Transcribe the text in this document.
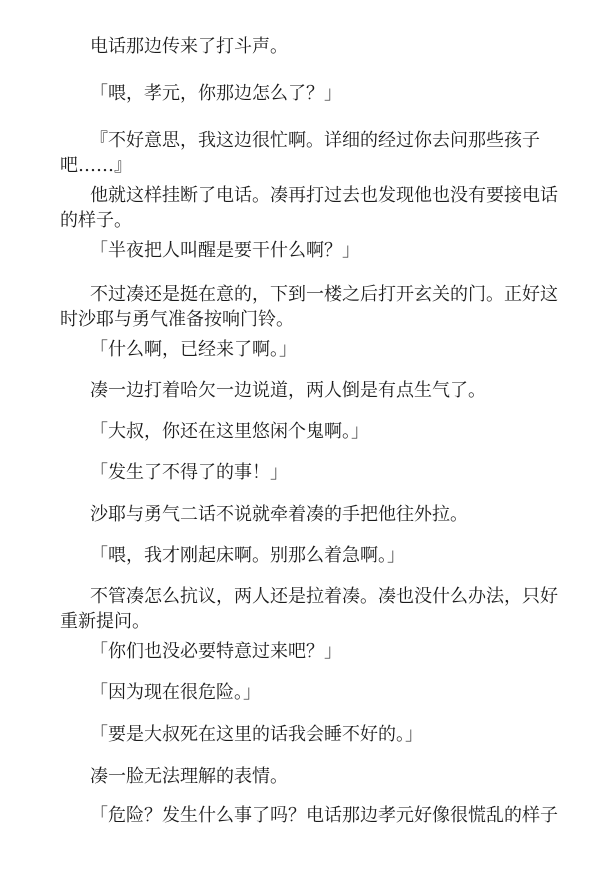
电话那边传来了打斗声。

「喂，孝元，你那边怎么了？」

『不好意思，我这边很忙啊。详细的经过你去问那些孩子吧……』

他就这样挂断了电话。凑再打过去也发现他也没有要接电话的样子。

「半夜把人叫醒是要干什么啊？」

不过凑还是挺在意的，下到一楼之后打开玄关的门。正好这时沙耶与勇气准备按响门铃。

「什么啊，已经来了啊。」

凑一边打着哈欠一边说道，两人倒是有点生气了。

「大叔，你还在这里悠闲个鬼啊。」

「发生了不得了的事！」

沙耶与勇气二话不说就牵着凑的手把他往外拉。

「喂，我才刚起床啊。别那么着急啊。」

不管凑怎么抗议，两人还是拉着凑。凑也没什么办法，只好重新提问。

「你们也没必要特意过来吧？」

「因为现在很危险。」

「要是大叔死在这里的话我会睡不好的。」

凑一脸无法理解的表情。

「危险？发生什么事了吗？电话那边孝元好像很慌乱的样子
